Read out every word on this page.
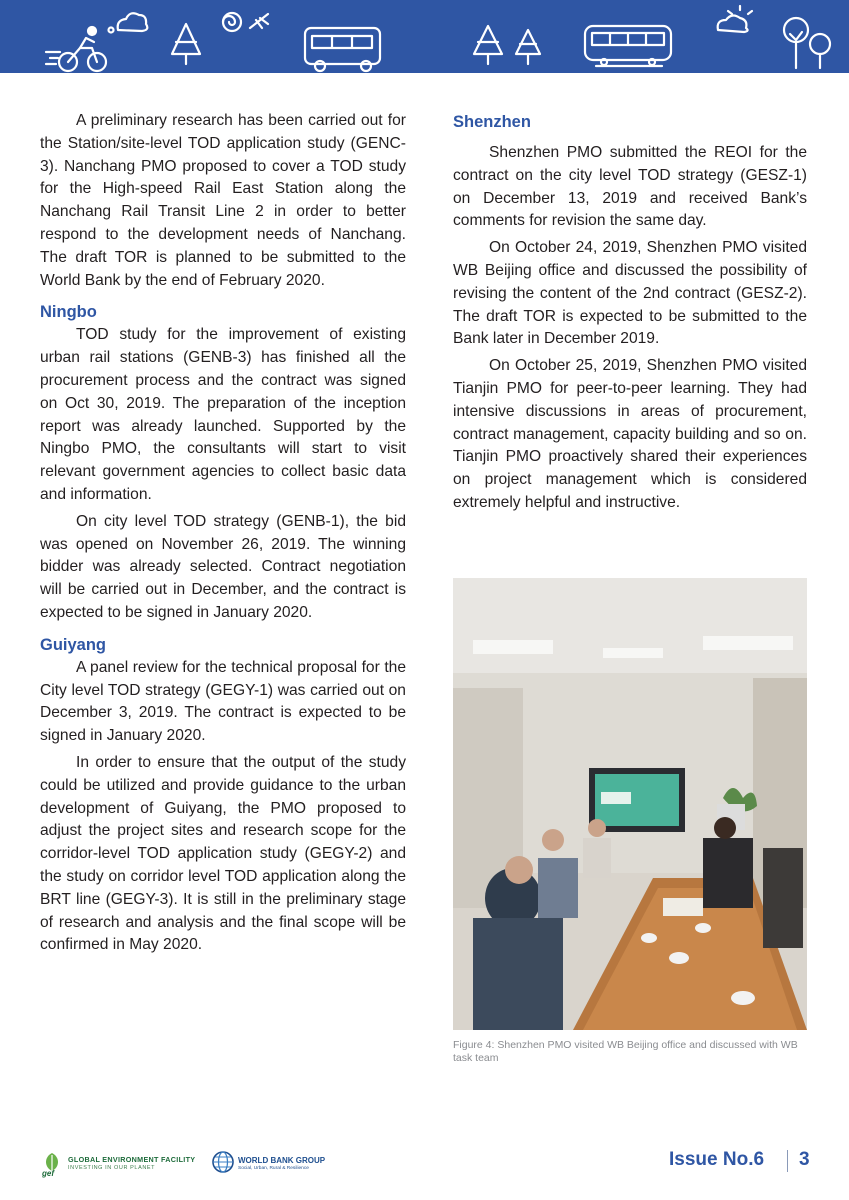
A preliminary research has been carried out for the Station/site-level TOD application study (GENC-3). Nanchang PMO proposed to cover a TOD study for the High-speed Rail East Station along the Nanchang Rail Transit Line 2 in order to better respond to the development needs of Nanchang. The draft TOR is planned to be submitted to the World Bank by the end of February 2020.

Ningbo

TOD study for the improvement of existing urban rail stations (GENB-3) has finished all the procurement process and the contract was signed on Oct 30, 2019. The preparation of the inception report was already launched. Supported by the Ningbo PMO, the consultants will start to visit relevant government agencies to collect basic data and information.

On city level TOD strategy (GENB-1), the bid was opened on November 26, 2019. The winning bidder was already selected. Contract negotiation will be carried out in December, and the contract is expected to be signed in January 2020.

Guiyang

A panel review for the technical proposal for the City level TOD strategy (GEGY-1) was carried out on December 3, 2019. The contract is expected to be signed in January 2020.

In order to ensure that the output of the study could be utilized and provide guidance to the urban development of Guiyang, the PMO proposed to adjust the project sites and research scope for the corridor-level TOD application study (GEGY-2) and the study on corridor level TOD application along the BRT line (GEGY-3). It is still in the preliminary stage of research and analysis and the final scope will be confirmed in May 2020.

Shenzhen

Shenzhen PMO submitted the REOI for the contract on the city level TOD strategy (GESZ-1) on December 13, 2019 and received Bank’s comments for revision the same day.

On October 24, 2019, Shenzhen PMO visited WB Beijing office and discussed the possibility of revising the content of the 2nd contract (GESZ-2). The draft TOR is expected to be submitted to the Bank later in December 2019.

On October 25, 2019, Shenzhen PMO visited Tianjin PMO for peer-to-peer learning. They had intensive discussions in areas of procurement, contract management, capacity building and so on. Tianjin PMO proactively shared their experiences on project management which is considered extremely helpful and instructive.

Figure 4: Shenzhen PMO visited WB Beijing office and discussed with WB task team

GLOBAL ENVIRONMENT FACILITY
INVESTING IN OUR PLANET
gef
WORLD BANK GROUP
Social, Urban, Rural & Resilience	Issue No.6 3
